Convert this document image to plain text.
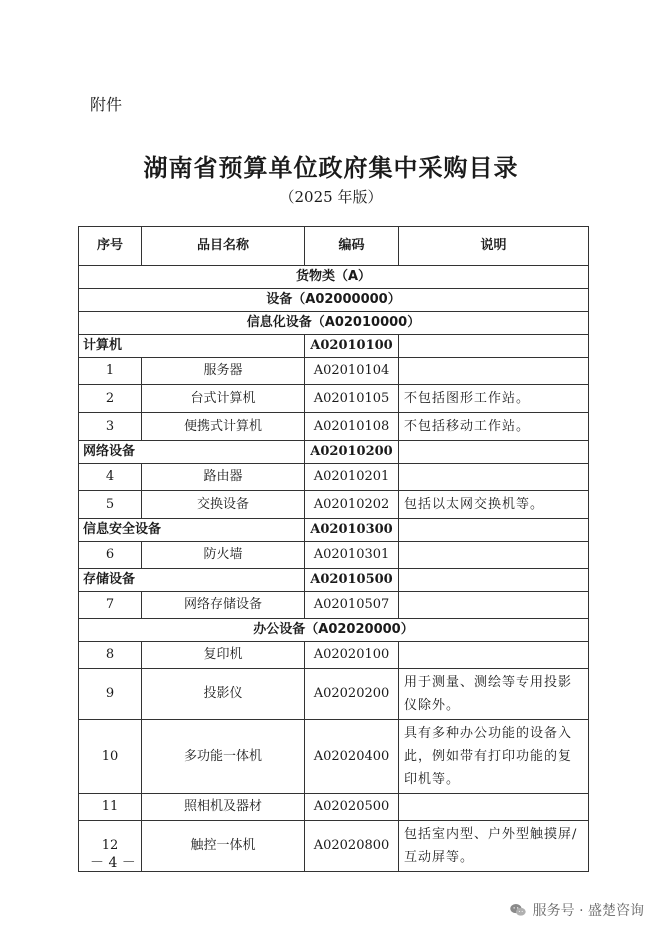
附件
湖南省预算单位政府集中采购目录
（2025 年版）
序号	品目名称	编码	说明
货物类（A）			
设备（A02000000）			
信息化设备（A02010000）			
计算机		A02010100	
1	服务器	A02010104	
2	台式计算机	A02010105	不包括图形工作站。
3	便携式计算机	A02010108	不包括移动工作站。
网络设备		A02010200	
4	路由器	A02010201	
5	交换设备	A02010202	包括以太网交换机等。
信息安全设备		A02010300	
6	防火墙	A02010301	
存储设备		A02010500	
7	网络存储设备	A02010507	
办公设备（A02020000）			
8	复印机	A02020100	
9	投影仪	A02020200	用于测量、测绘等专用投影仪除外。
10	多功能一体机	A02020400	具有多种办公功能的设备入此，例如带有打印功能的复印机等。
11	照相机及器材	A02020500	
12	触控一体机	A02020800	包括室内型、户外型触摸屏/互动屏等。
－ 4 －
服务号 · 盛楚咨询
